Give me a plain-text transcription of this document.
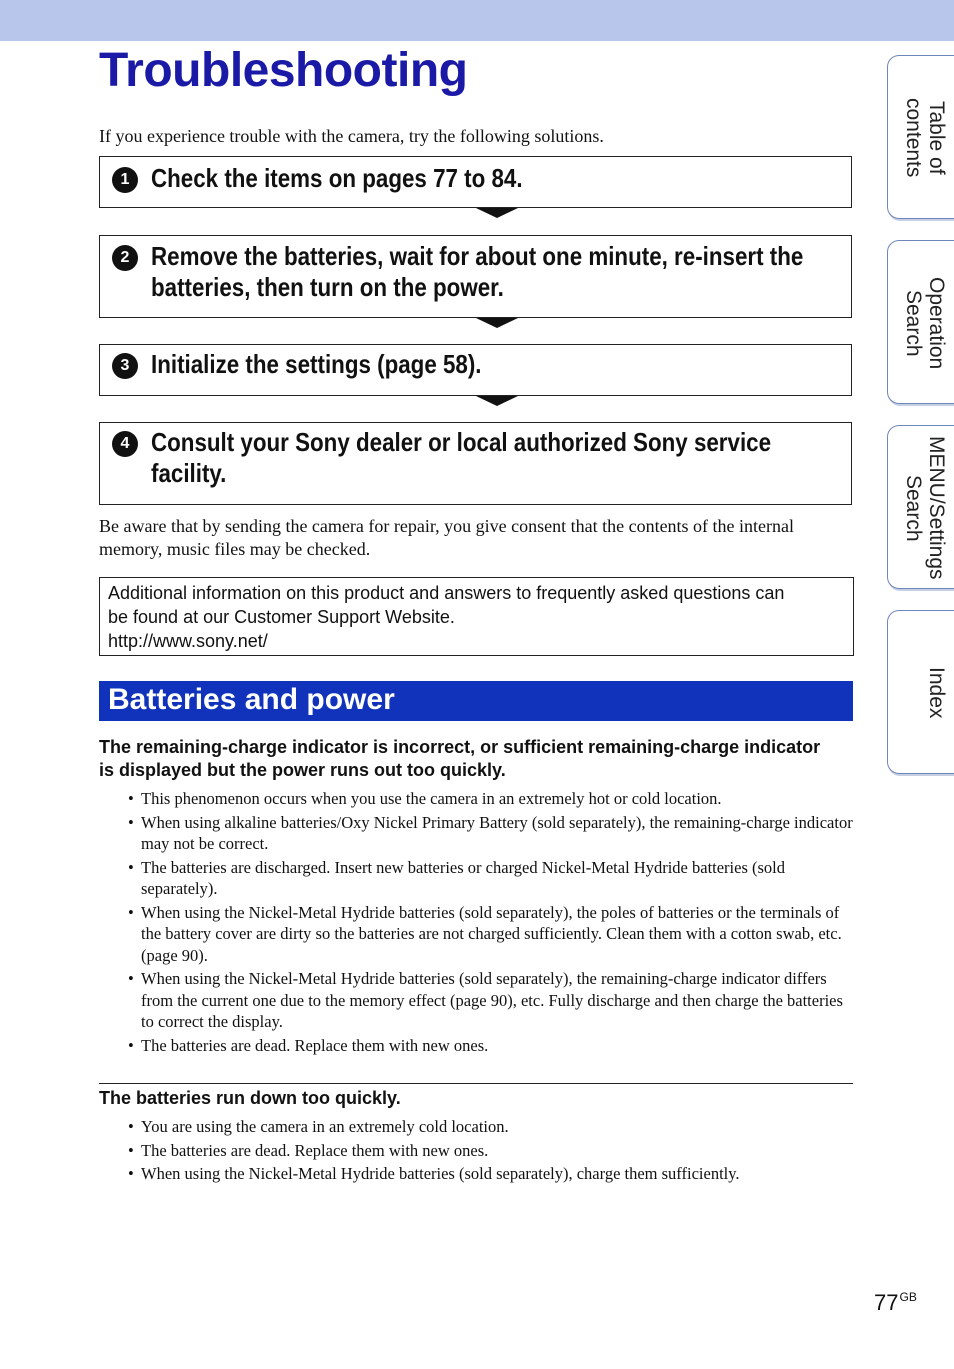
Troubleshooting
If you experience trouble with the camera, try the following solutions.
1 Check the items on pages 77 to 84.
2 Remove the batteries, wait for about one minute, re-insert the
batteries, then turn on the power.
3 Initialize the settings (page 58).
4 Consult your Sony dealer or local authorized Sony service
facility.
Be aware that by sending the camera for repair, you give consent that the contents of the internal memory, music files may be checked.
Additional information on this product and answers to frequently asked questions can
be found at our Customer Support Website.
http://www.sony.net/
Batteries and power
The remaining-charge indicator is incorrect, or sufficient remaining-charge indicator is displayed but the power runs out too quickly.
• This phenomenon occurs when you use the camera in an extremely hot or cold location.
• When using alkaline batteries/Oxy Nickel Primary Battery (sold separately), the remaining-charge indicator may not be correct.
• The batteries are discharged. Insert new batteries or charged Nickel-Metal Hydride batteries (sold separately).
• When using the Nickel-Metal Hydride batteries (sold separately), the poles of batteries or the terminals of the battery cover are dirty so the batteries are not charged sufficiently. Clean them with a cotton swab, etc. (page 90).
• When using the Nickel-Metal Hydride batteries (sold separately), the remaining-charge indicator differs from the current one due to the memory effect (page 90), etc. Fully discharge and then charge the batteries to correct the display.
• The batteries are dead. Replace them with new ones.
The batteries run down too quickly.
• You are using the camera in an extremely cold location.
• The batteries are dead. Replace them with new ones.
• When using the Nickel-Metal Hydride batteries (sold separately), charge them sufficiently.
Table of contents
Operation Search
MENU/Settings Search
Index
$77^{GB}$
